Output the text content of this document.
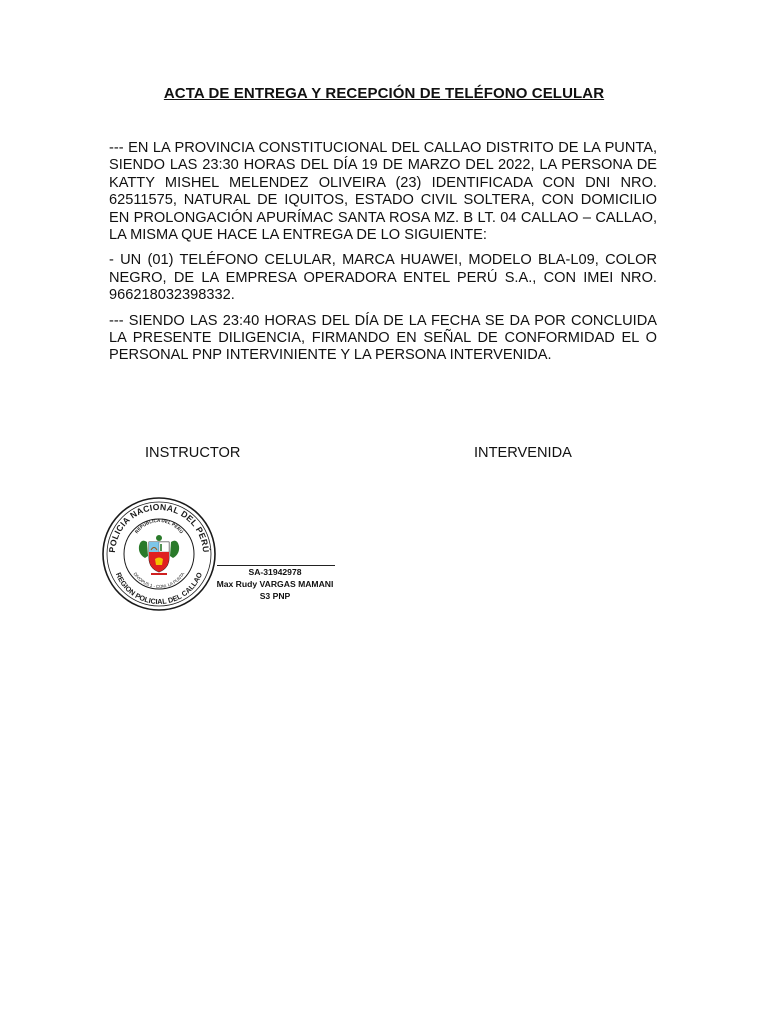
ACTA DE ENTREGA Y RECEPCIÓN DE TELÉFONO CELULAR

--- EN LA PROVINCIA CONSTITUCIONAL DEL CALLAO DISTRITO DE LA PUNTA, SIENDO LAS 23:30 HORAS DEL DÍA 19 DE MARZO DEL 2022, LA PERSONA DE KATTY MISHEL MELENDEZ OLIVEIRA (23) IDENTIFICADA CON DNI NRO. 62511575, NATURAL DE IQUITOS, ESTADO CIVIL SOLTERA, CON DOMICILIO EN PROLONGACIÓN APURÍMAC SANTA ROSA MZ. B LT. 04 CALLAO – CALLAO, LA MISMA QUE HACE LA ENTREGA DE LO SIGUIENTE:

- UN (01) TELÉFONO CELULAR, MARCA HUAWEI, MODELO BLA-L09, COLOR NEGRO, DE LA EMPRESA OPERADORA ENTEL PERÚ S.A., CON IMEI NRO. 966218032398332.

--- SIENDO LAS 23:40 HORAS DEL DÍA DE LA FECHA SE DA POR CONCLUIDA LA PRESENTE DILIGENCIA, FIRMANDO EN SEÑAL DE CONFORMIDAD EL O PERSONAL PNP INTERVINIENTE Y LA PERSONA INTERVENIDA.

INSTRUCTOR	INTERVENIDA
POLICIA NACIONAL DEL PERÚ
REGION POLICIAL DEL CALLAO
REPÚBLICA DEL PERÚ
DIVOPUS 1 - COM. LA PUNTA	SA-31942978
Max Rudy VARGAS MAMANI
S3 PNP
